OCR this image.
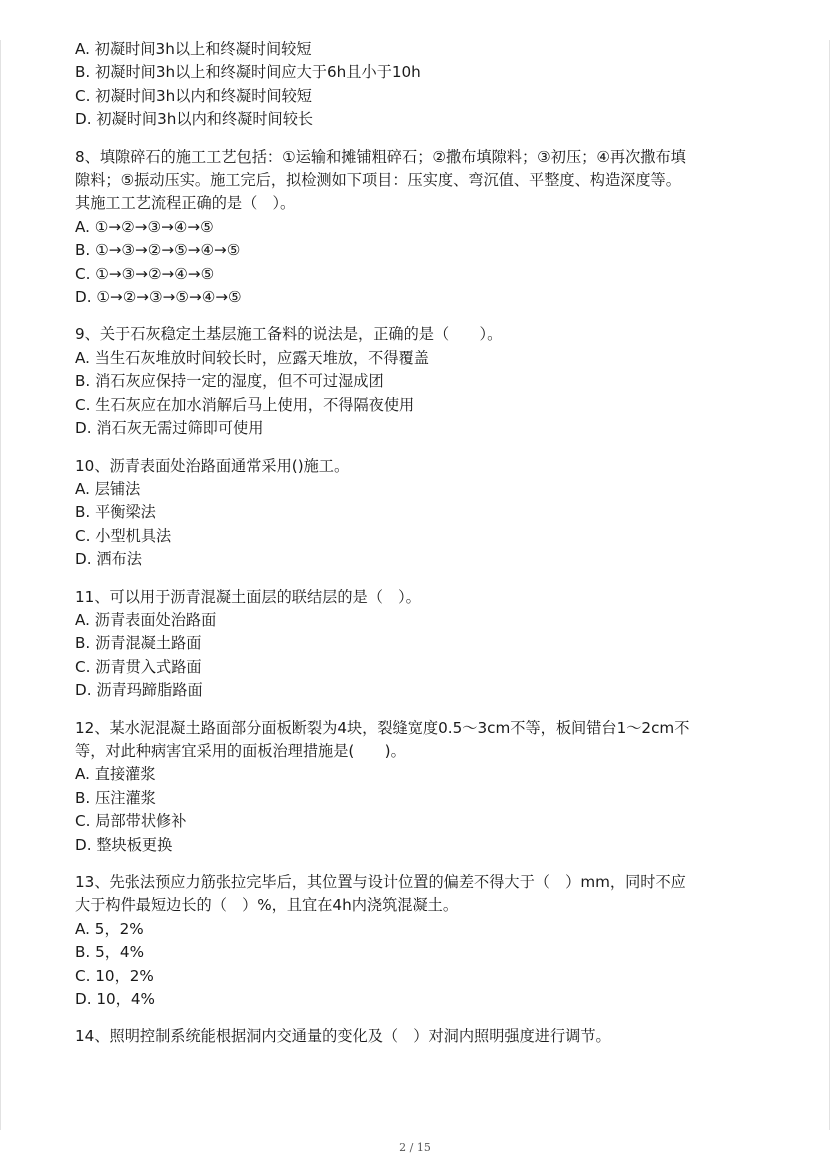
A. 初凝时间3h以上和终凝时间较短
B. 初凝时间3h以上和终凝时间应大于6h且小于10h
C. 初凝时间3h以内和终凝时间较短
D. 初凝时间3h以内和终凝时间较长
8、填隙碎石的施工工艺包括：①运输和摊铺粗碎石；②撒布填隙料；③初压；④再次撒布填
隙料；⑤振动压实。施工完后，拟检测如下项目：压实度、弯沉值、平整度、构造深度等。
其施工工艺流程正确的是（　）。
A. ①→②→③→④→⑤
B. ①→③→②→⑤→④→⑤
C. ①→③→②→④→⑤
D. ①→②→③→⑤→④→⑤
9、关于石灰稳定土基层施工备料的说法是，正确的是（　　）。
A. 当生石灰堆放时间较长时，应露天堆放，不得覆盖
B. 消石灰应保持一定的湿度，但不可过湿成团
C. 生石灰应在加水消解后马上使用，不得隔夜使用
D. 消石灰无需过筛即可使用
10、沥青表面处治路面通常采用()施工。
A. 层铺法
B. 平衡梁法
C. 小型机具法
D. 洒布法
11、可以用于沥青混凝土面层的联结层的是（　）。
A. 沥青表面处治路面
B. 沥青混凝土路面
C. 沥青贯入式路面
D. 沥青玛蹄脂路面
12、某水泥混凝土路面部分面板断裂为4块，裂缝宽度0.5～3cm不等，板间错台1～2cm不
等，对此种病害宜采用的面板治理措施是(　　)。
A. 直接灌浆
B. 压注灌浆
C. 局部带状修补
D. 整块板更换
13、先张法预应力筋张拉完毕后，其位置与设计位置的偏差不得大于（　）mm，同时不应
大于构件最短边长的（　）%，且宜在4h内浇筑混凝土。
A. 5，2%
B. 5，4%
C. 10，2%
D. 10，4%
14、照明控制系统能根据洞内交通量的变化及（　）对洞内照明强度进行调节。
2 / 15
